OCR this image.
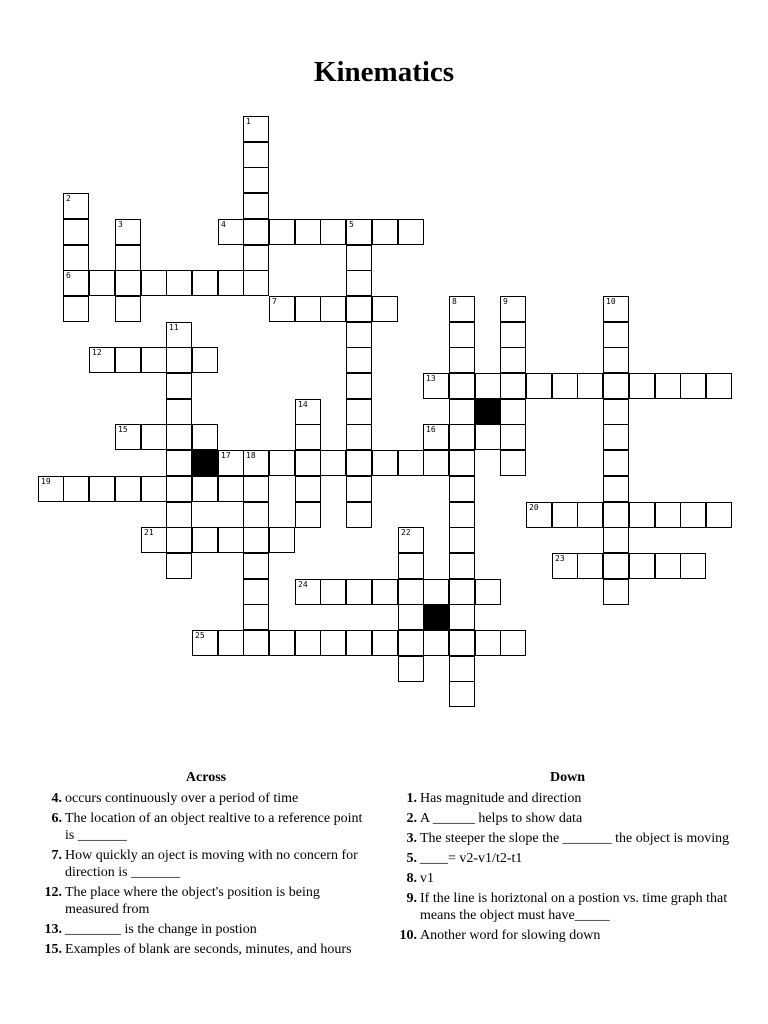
Kinematics
1
2
6
3	4	5
7	8	9	10
11
12
13
14
15	16
17 18
19
20
21	22
23
24
25
Across
4. occurs continuously over a period of time
6. The location of an object realtive to a reference point is _______
7. How quickly an oject is moving with no concern for direction is _______
12. The place where the object's position is being measured from
13. ________ is the change in postion
15. Examples of blank are seconds, minutes, and hours
Down
1. Has magnitude and direction
2. A ______ helps to show data
3. The steeper the slope the _______ the object is moving
5. ____= v2-v1/t2-t1
8. v1
9. If the line is horiztonal on a postion vs. time graph that means the object must have_____
10. Another word for slowing down
